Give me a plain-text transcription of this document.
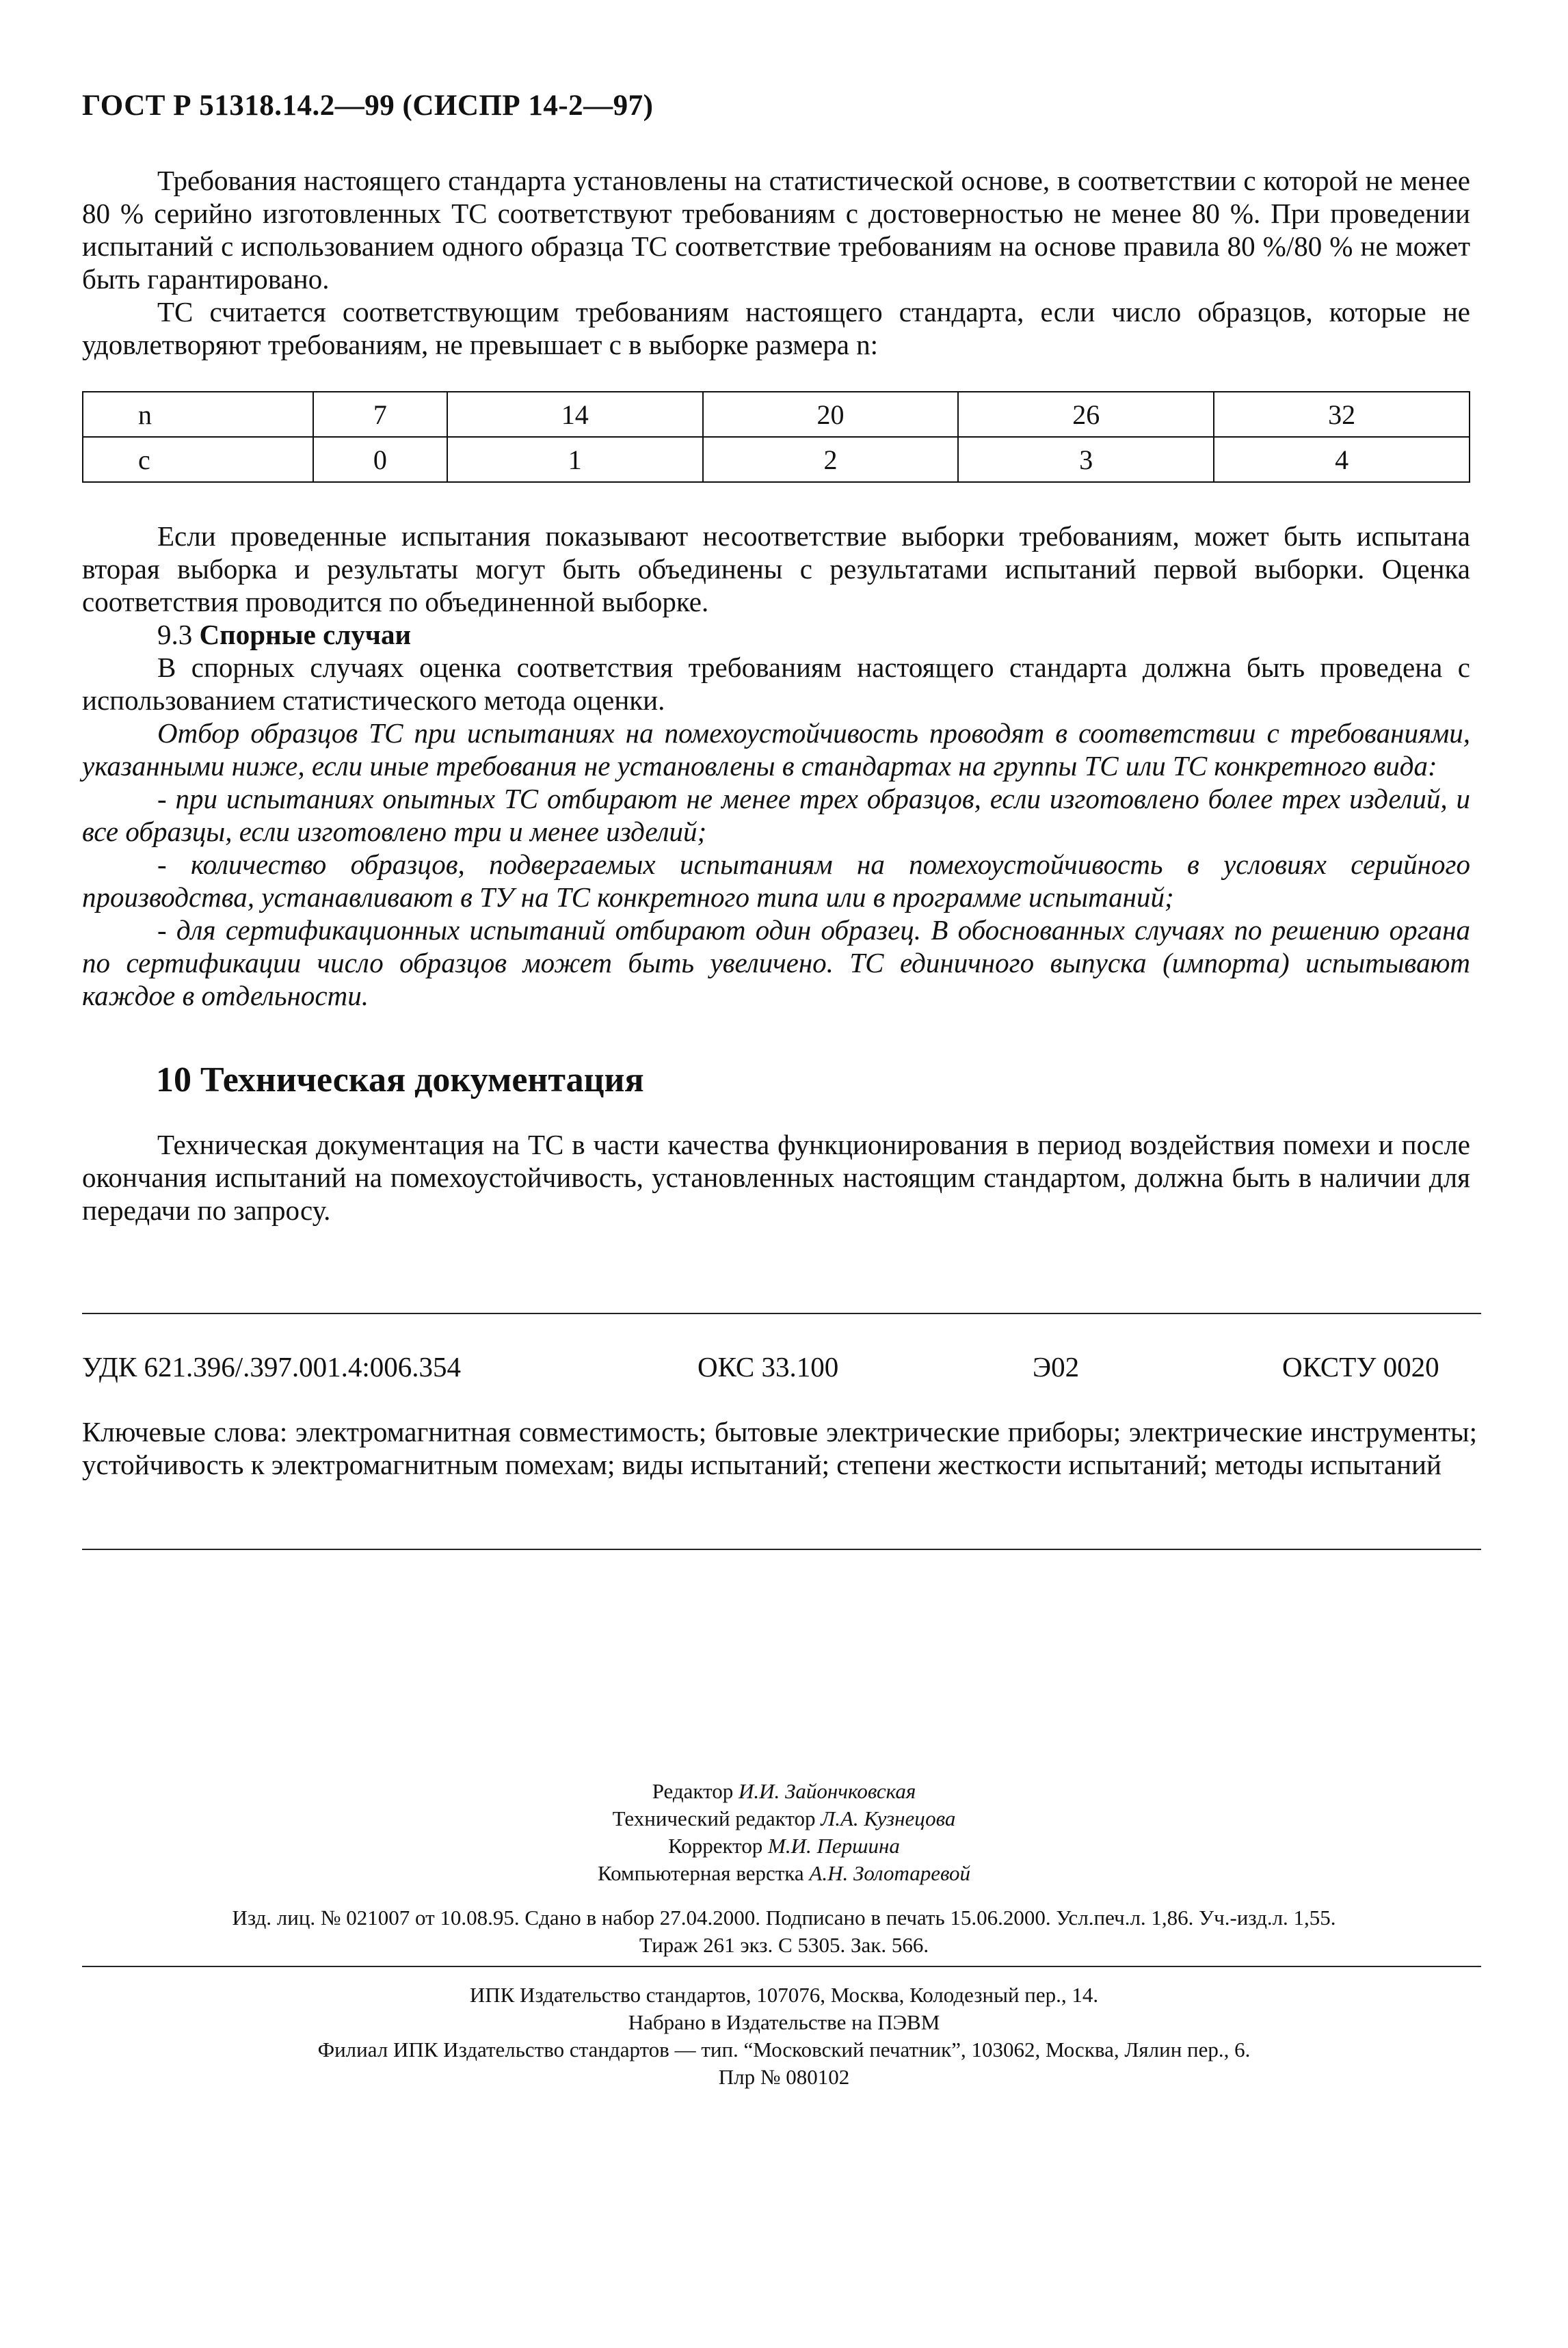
ГОСТ Р 51318.14.2—99 (СИСПР 14-2—97)

Требования настоящего стандарта установлены на статистической основе, в соответствии с которой не менее 80 % серийно изготовленных ТС соответствуют требованиям с достоверностью не менее 80 %. При проведении испытаний с использованием одного образца ТС соответствие требованиям на основе правила 80 %/80 % не может быть гарантировано.

ТС считается соответствующим требованиям настоящего стандарта, если число образцов, которые не удовлетворяют требованиям, не превышает с в выборке размера n:

n	7	14	20	26	32
c	0	1	2	3	4

Если проведенные испытания показывают несоответствие выборки требованиям, может быть испытана вторая выборка и результаты могут быть объединены с результатами испытаний первой выборки. Оценка соответствия проводится по объединенной выборке.

9.3 Спорные случаи

В спорных случаях оценка соответствия требованиям настоящего стандарта должна быть проведена с использованием статистического метода оценки.

Отбор образцов ТС при испытаниях на помехоустойчивость проводят в соответствии с требованиями, указанными ниже, если иные требования не установлены в стандартах на группы ТС или ТС конкретного вида:

- при испытаниях опытных ТС отбирают не менее трех образцов, если изготовлено более трех изделий, и все образцы, если изготовлено три и менее изделий;

- количество образцов, подвергаемых испытаниям на помехоустойчивость в условиях серийного производства, устанавливают в ТУ на ТС конкретного типа или в программе испытаний;

- для сертификационных испытаний отбирают один образец. В обоснованных случаях по решению органа по сертификации число образцов может быть увеличено. ТС единичного выпуска (импорта) испытывают каждое в отдельности.

10 Техническая документация

Техническая документация на ТС в части качества функционирования в период воздействия помехи и после окончания испытаний на помехоустойчивость, установленных настоящим стандартом, должна быть в наличии для передачи по запросу.

УДК 621.396/.397.001.4:006.354	ОКС 33.100	Э02	ОКСТУ 0020
Ключевые слова: электромагнитная совместимость; бытовые электрические приборы; электрические инструменты; устойчивость к электромагнитным помехам; виды испытаний; степени жесткости испытаний; методы испытаний
Редактор И.И. Зайончковская
Технический редактор Л.А. Кузнецова
Корректор М.И. Першина
Компьютерная верстка А.Н. Золотаревой
Изд. лиц. № 021007 от 10.08.95. Сдано в набор 27.04.2000. Подписано в печать 15.06.2000. Усл.печ.л. 1,86. Уч.-изд.л. 1,55.
Тираж 261 экз. С 5305. Зак. 566.
ИПК Издательство стандартов, 107076, Москва, Колодезный пер., 14.
Набрано в Издательстве на ПЭВМ
Филиал ИПК Издательство стандартов — тип. “Московский печатник”, 103062, Москва, Лялин пер., 6.
Плр № 080102
